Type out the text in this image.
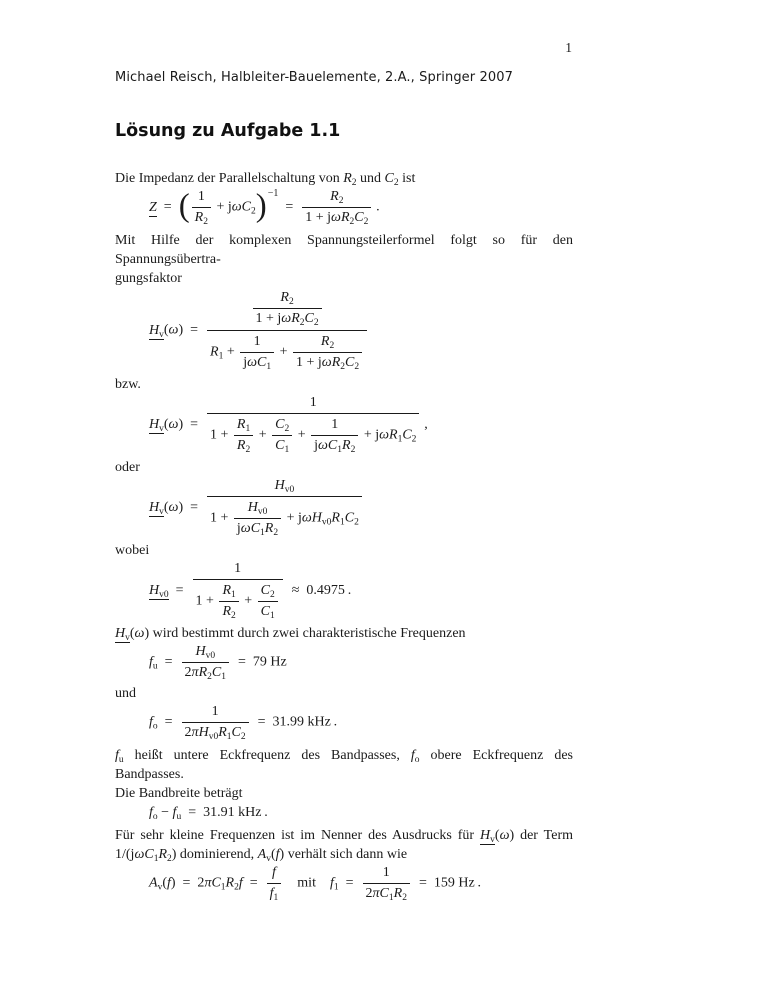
1
Michael Reisch, Halbleiter-Bauelemente, 2.A., Springer 2007
Lösung zu Aufgabe 1.1

Die Impedanz der Parallelschaltung von $R_2$ und $C_2$ ist

Z  =  ( $\frac{1}{R_2} + j\omega C_2)^{-1}$  =
$R_2$
$1 + j\omega R_2C_2$
 .

Mit Hilfe der komplexen Spannungsteilerformel folgt so für den Spannungsübertra-

gungsfaktor

$H_v(\omega)$  =
$R_2$
$1 + j\omega R_2C_2$
$R_1$ +
1
jωC$_1$
+
$R_2$
$1 + j\omega R_2C_2$

bzw.

$H_v(\omega)$  =
1
$1 + \frac{R_1}{R_2} + \frac{C_2}{C_1}$ +
1
$j\omega C_1R_2$
+ $j\omega R_1C_2$
 ,

oder

$H_v(\omega)$  =
$H_{v0}$
1 +
$H_{v0}$
$j\omega C_1R_2$
+ $j\omega H_{v0}R_1C_2$

wobei

$H_{v0} = \frac{1}{1 + \frac{R_1}{R_2} + \frac{C_2}{C_1}} \approx 0.4975$ .

$H_v(\omega)$ wird bestimmt durch zwei charakteristische Frequenzen

$f_u = \frac{H_{v0}}{2\pi R_2C_1} = 79$ Hz

und

$f_o$  =
1
$2\pi H_{v0}R_1C_2$
=  31.99 kHz .

$f_u$ heißt untere Eckfrequenz des Bandpasses, $f_o$ obere Eckfrequenz des Bandpasses.

Die Bandbreite beträgt

$f_o - f_u = 31.91$ kHz .

Für sehr kleine Frequenzen ist im Nenner des Ausdrucks für $H_v(\omega)$ der Term

$1/(j\omega C_1R_2)$ dominierend, $A_v(f)$ verhält sich dann wie

$A_v(f) = 2\pi C_1R_2f = \frac{f}{f_1}$  mit $f_1 = \frac{1}{2\pi C_1R_2} = 159$ Hz .
